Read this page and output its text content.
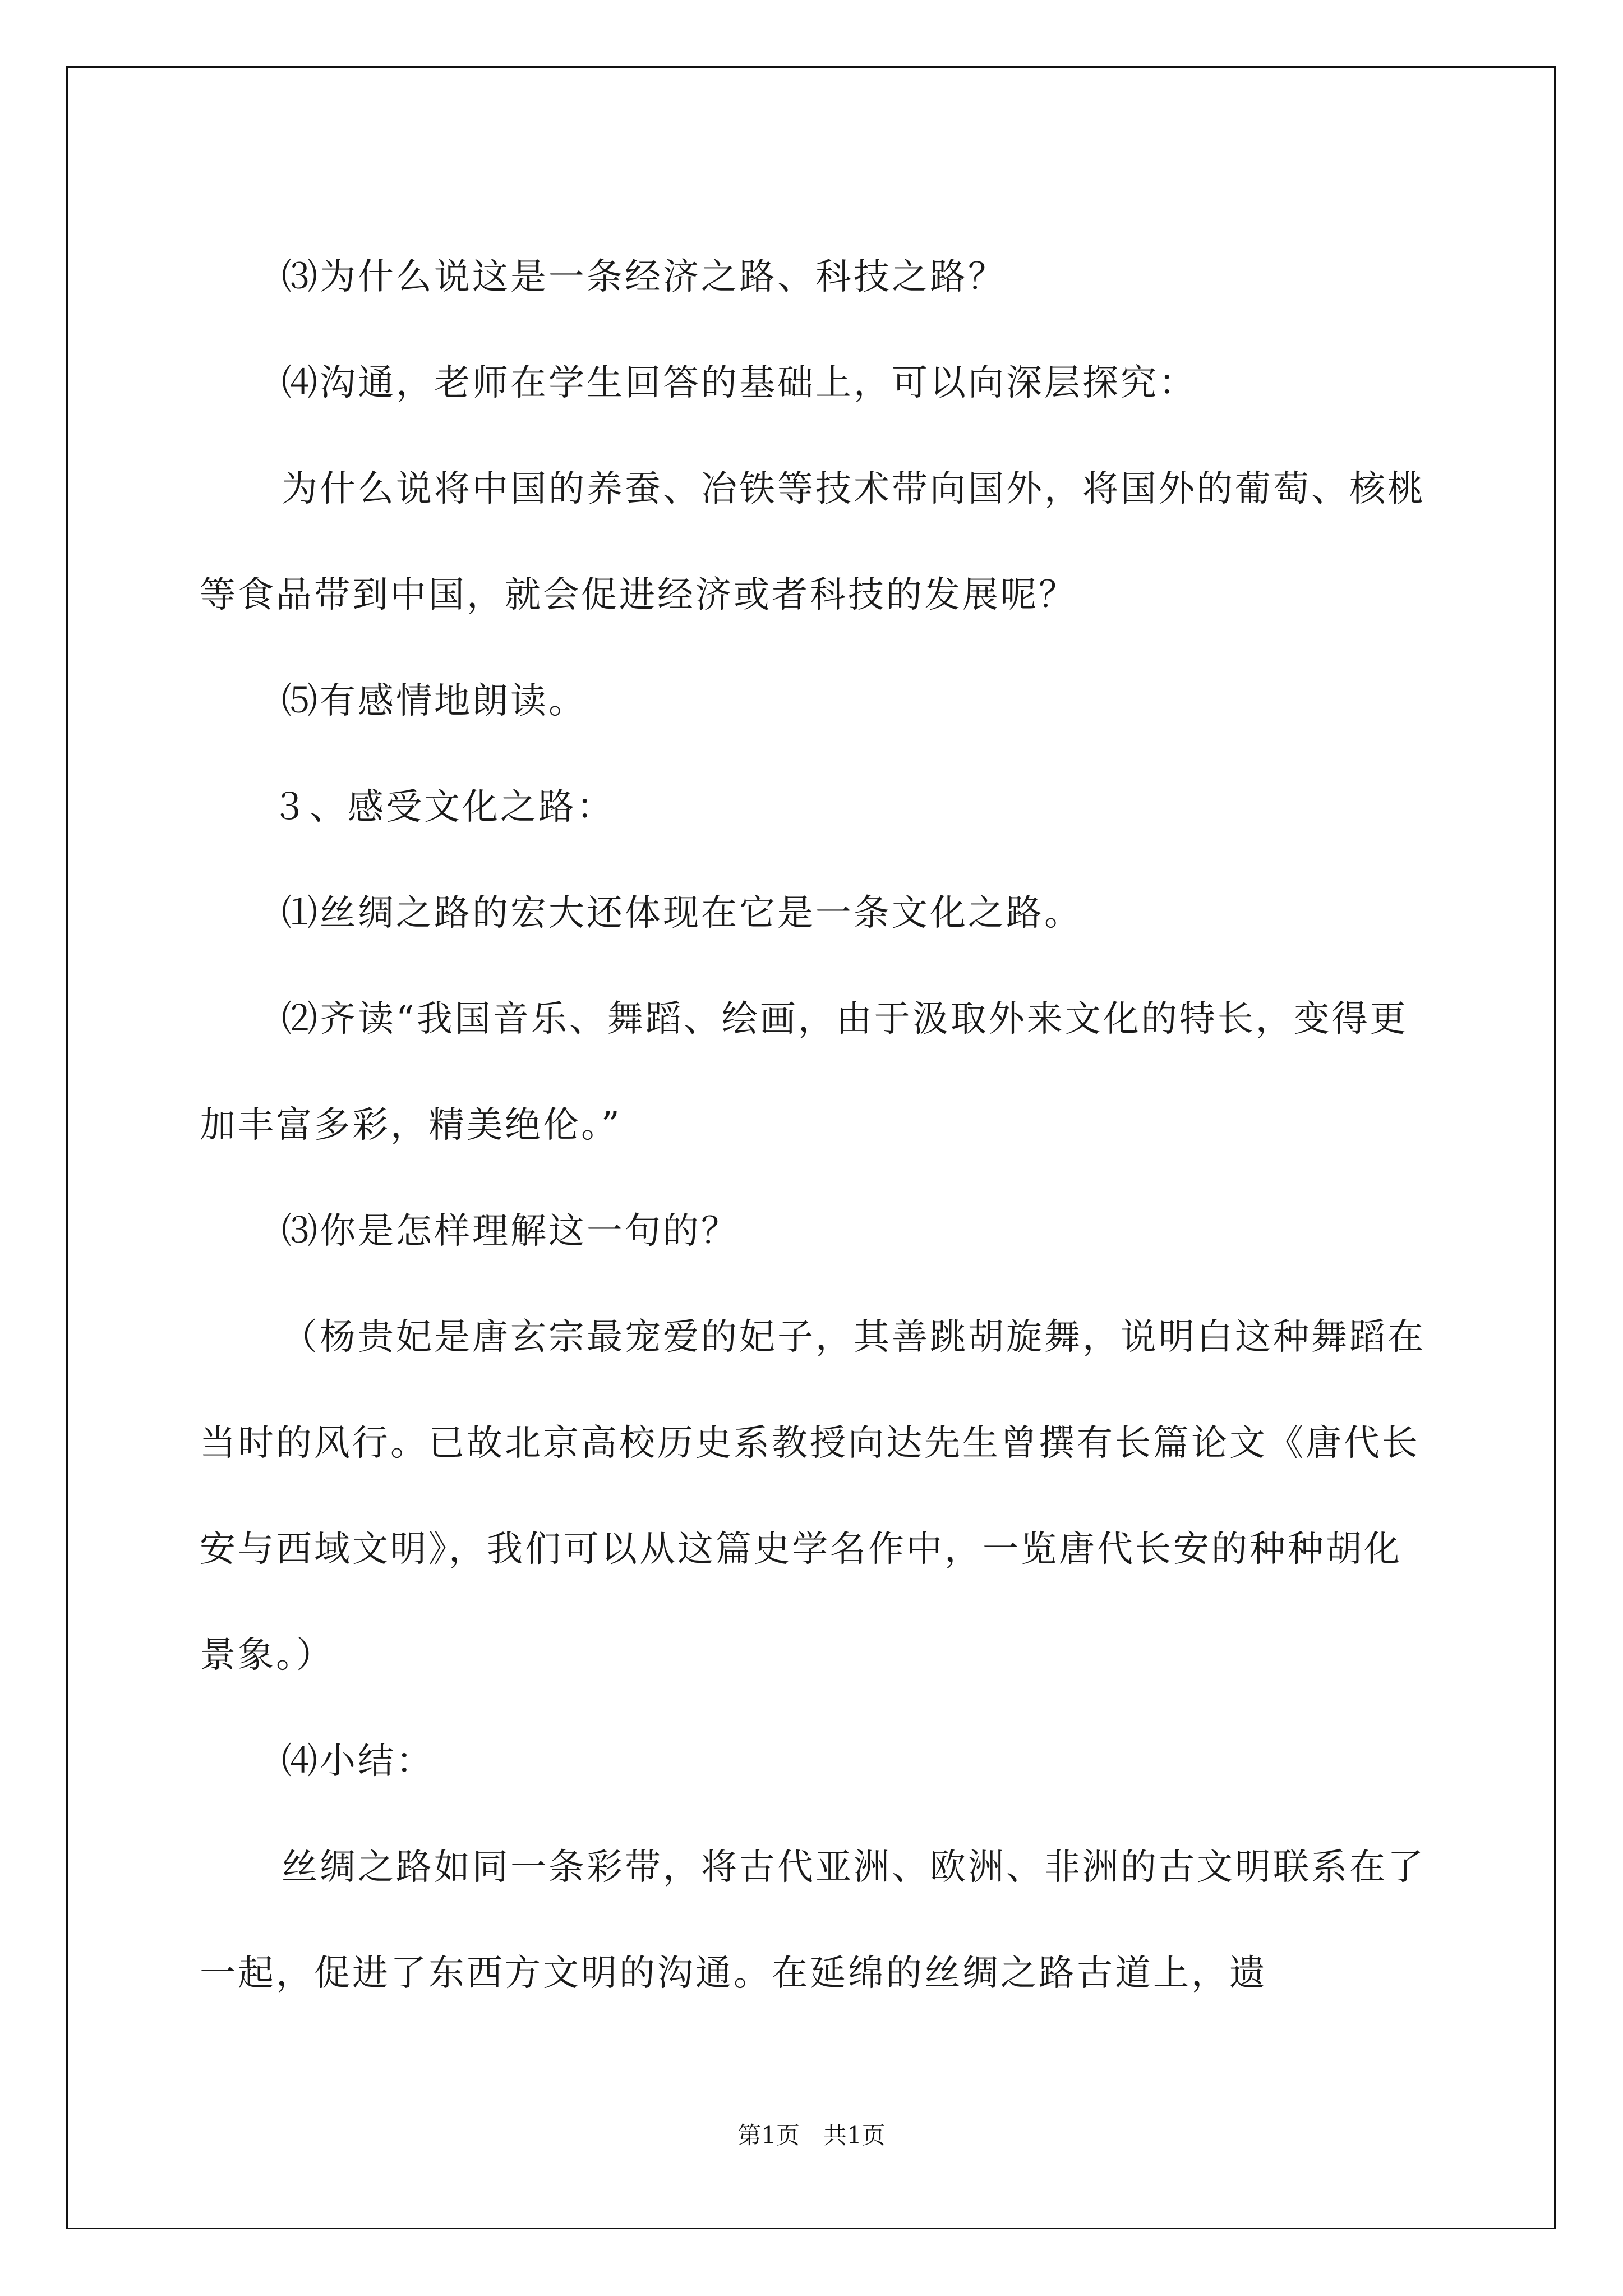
⑶为什么说这是一条经济之路、科技之路？

⑷沟通，老师在学生回答的基础上，可以向深层探究：

为什么说将中国的养蚕、冶铁等技术带向国外，将国外的葡萄、核桃等食品带到中国，就会促进经济或者科技的发展呢？

⑸有感情地朗读。

３、感受文化之路：

⑴丝绸之路的宏大还体现在它是一条文化之路。

⑵齐读“我国音乐、舞蹈、绘画，由于汲取外来文化的特长，变得更加丰富多彩，精美绝伦。”

⑶你是怎样理解这一句的？

（杨贵妃是唐玄宗最宠爱的妃子，其善跳胡旋舞，说明白这种舞蹈在当时的风行。已故北京高校历史系教授向达先生曾撰有长篇论文《唐代长安与西域文明》，我们可以从这篇史学名作中，一览唐代长安的种种胡化景象。）

⑷小结：

丝绸之路如同一条彩带，将古代亚洲、欧洲、非洲的古文明联系在了一起，促进了东西方文明的沟通。在延绵的丝绸之路古道上，遗

第1页　共1页
